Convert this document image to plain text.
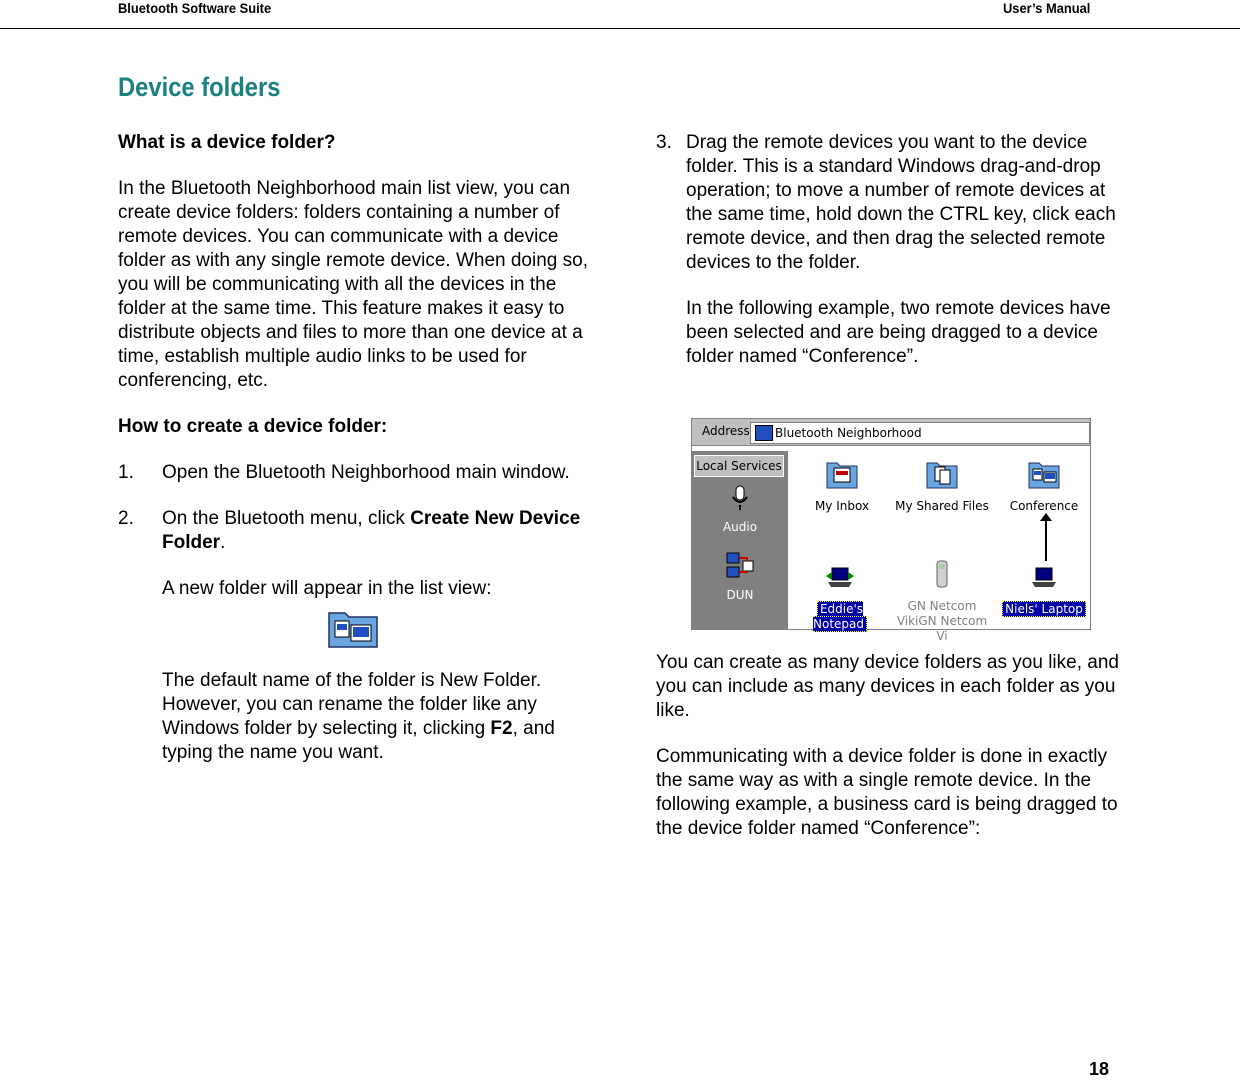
Bluetooth Software Suite	User’s Manual
Device folders

What is a device folder?

In the Bluetooth Neighborhood main list view, you can create device folders: folders containing a number of remote devices. You can communicate with a device folder as with any single remote device. When doing so, you will be communicating with all the devices in the folder at the same time. This feature makes it easy to distribute objects and files to more than one device at a time, establish multiple audio links to be used for conferencing, etc.

How to create a device folder:

1.	Open the Bluetooth Neighborhood main window.
2.	On the Bluetooth menu, click Create New Device Folder.

A new folder will appear in the list view:

The default name of the folder is New Folder. However, you can rename the folder like any Windows folder by selecting it, clicking F2, and typing the name you want.

3. Drag the remote devices you want to the device folder. This is a standard Windows drag-and-drop operation; to move a number of remote devices at the same time, hold down the CTRL key, click each remote device, and then drag the selected remote devices to the folder.

In the following example, two remote devices have been selected and are being dragged to a device folder named “Conference”.

Address Bluetooth Neighborhood
Local Services
Audio
DUN
My Inbox	My Shared Files	Conference
Eddie's Notepad
GN Netcom
VikiGN Netcom Vi
Niels' Laptop

You can create as many device folders as you like, and you can include as many devices in each folder as you like.

Communicating with a device folder is done in exactly the same way as with a single remote device. In the following example, a business card is being dragged to the device folder named “Conference”:

18
